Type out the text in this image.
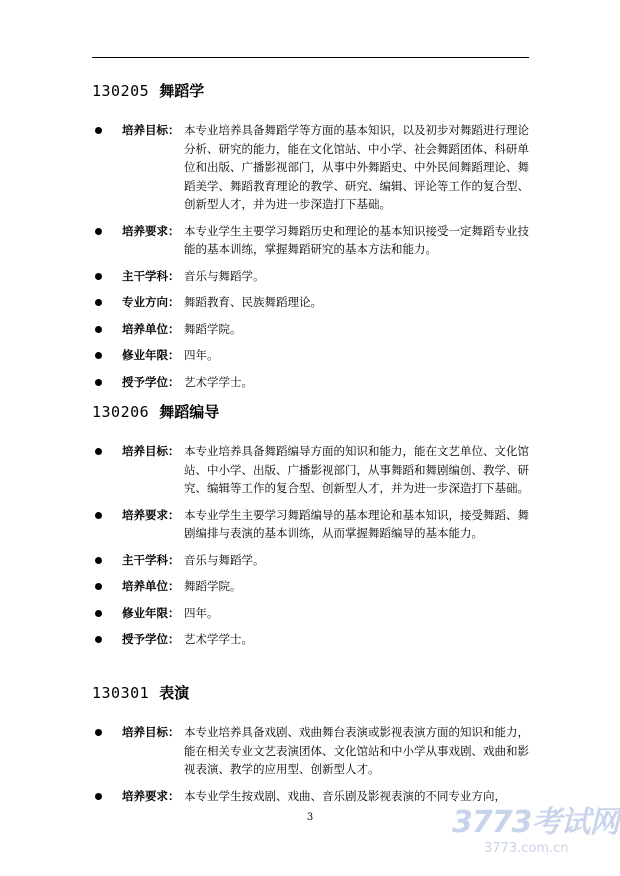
130205 舞蹈学
培养目标： 本专业培养具备舞蹈学等方面的基本知识，以及初步对舞蹈进行理论分析、研究的能力，能在文化馆站、中小学、社会舞蹈团体、科研单位和出版、广播影视部门，从事中外舞蹈史、中外民间舞蹈理论、舞蹈美学、舞蹈教育理论的教学、研究、编辑、评论等工作的复合型、创新型人才，并为进一步深造打下基础。
培养要求： 本专业学生主要学习舞蹈历史和理论的基本知识接受一定舞蹈专业技能的基本训练，掌握舞蹈研究的基本方法和能力。
主干学科： 音乐与舞蹈学。
专业方向： 舞蹈教育、民族舞蹈理论。
培养单位： 舞蹈学院。
修业年限： 四年。
授予学位： 艺术学学士。
130206 舞蹈编导
培养目标： 本专业培养具备舞蹈编导方面的知识和能力，能在文艺单位、文化馆站、中小学、出版、广播影视部门，从事舞蹈和舞剧编创、教学、研究、编辑等工作的复合型、创新型人才，并为进一步深造打下基础。
培养要求： 本专业学生主要学习舞蹈编导的基本理论和基本知识，接受舞蹈、舞剧编排与表演的基本训练，从而掌握舞蹈编导的基本能力。
主干学科： 音乐与舞蹈学。
培养单位： 舞蹈学院。
修业年限： 四年。
授予学位： 艺术学学士。
130301 表演
培养目标： 本专业培养具备戏剧、戏曲舞台表演或影视表演方面的知识和能力，能在相关专业文艺表演团体、文化馆站和中小学从事戏剧、戏曲和影视表演、教学的应用型、创新型人才。
培养要求： 本专业学生按戏剧、戏曲、音乐剧及影视表演的不同专业方向，
3	3773考试网
3773.com.cn
